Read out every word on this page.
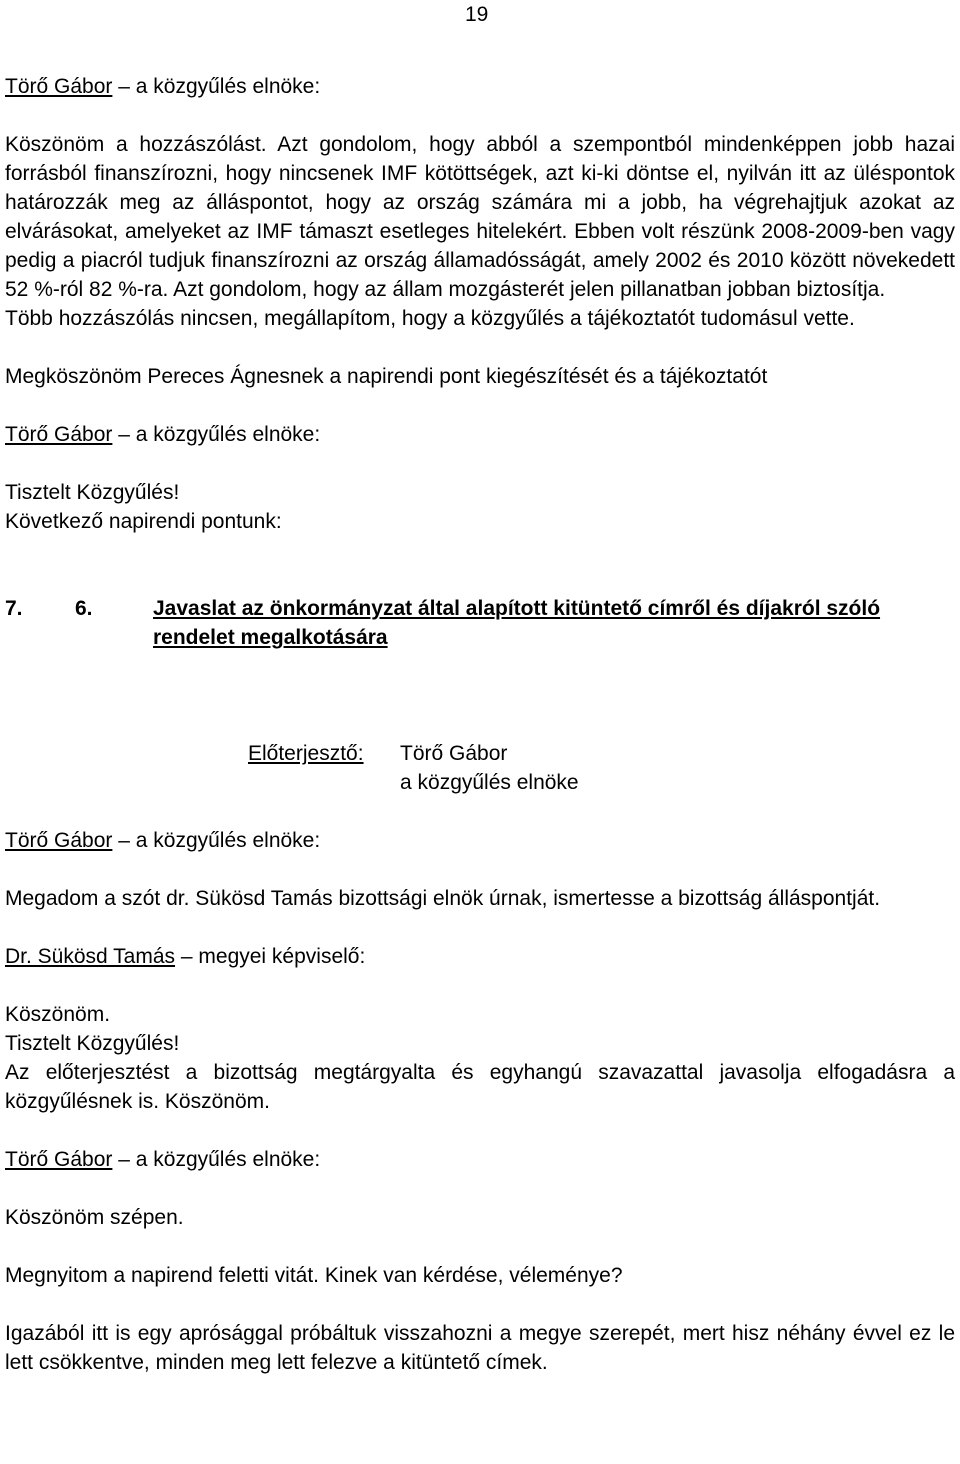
19

Törő Gábor – a közgyűlés elnöke:

Köszönöm a hozzászólást. Azt gondolom, hogy abból a szempontból mindenképpen jobb hazai forrásból finanszírozni, hogy nincsenek IMF kötöttségek, azt ki-ki döntse el, nyilván itt az üléspontok határozzák meg az álláspontot, hogy az ország számára mi a jobb, ha végrehajtjuk azokat az elvárásokat, amelyeket az IMF támaszt esetleges hitelekért. Ebben volt részünk 2008-2009-ben vagy pedig a piacról tudjuk finanszírozni az ország államadósságát, amely 2002 és 2010 között növekedett 52 %-ról 82 %-ra. Azt gondolom, hogy az állam mozgásterét jelen pillanatban jobban biztosítja.

Több hozzászólás nincsen, megállapítom, hogy a közgyűlés a tájékoztatót tudomásul vette.

Megköszönöm Pereces Ágnesnek a napirendi pont kiegészítését és a tájékoztatót

Törő Gábor – a közgyűlés elnöke:

Tisztelt Közgyűlés!

Következő napirendi pontunk:

7. 6.	Javaslat az önkormányzat által alapított kitüntető címről és díjakról szóló rendelet megalkotására
Előterjesztő: Törő Gábor
a közgyűlés elnöke

Törő Gábor – a közgyűlés elnöke:

Megadom a szót dr. Sükösd Tamás bizottsági elnök úrnak, ismertesse a bizottság álláspontját.

Dr. Sükösd Tamás – megyei képviselő:

Köszönöm.

Tisztelt Közgyűlés!

Az előterjesztést a bizottság megtárgyalta és egyhangú szavazattal javasolja elfogadásra a közgyűlésnek is. Köszönöm.

Törő Gábor – a közgyűlés elnöke:

Köszönöm szépen.

Megnyitom a napirend feletti vitát. Kinek van kérdése, véleménye?

Igazából itt is egy aprósággal próbáltuk visszahozni a megye szerepét, mert hisz néhány évvel ez le lett csökkentve, minden meg lett felezve a kitüntető címek.
